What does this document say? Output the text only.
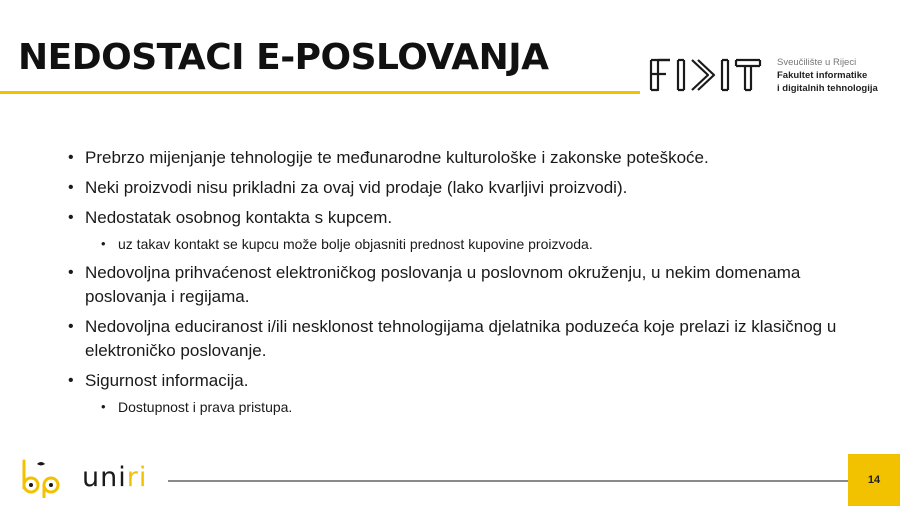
NEDOSTACI E-POSLOVANJA	Sveučilište u Rijeci
Fakultet informatike
i digitalnih tehnologija
• Prebrzo mijenjanje tehnologije te međunarodne kulturološke i zakonske poteškoće.
• Neki proizvodi nisu prikladni za ovaj vid prodaje (lako kvarljivi proizvodi).
• Nedostatak osobnog kontakta s kupcem.
• uz takav kontakt se kupcu može bolje objasniti prednost kupovine proizvoda.
• Nedovoljna prihvaćenost elektroničkog poslovanja u poslovnom okruženju, u nekim domenama poslovanja i regijama.
• Nedovoljna educiranost i/ili nesklonost tehnologijama djelatnika poduzeća koje prelazi iz klasičnog u elektroničko poslovanje.
• Sigurnost informacija.
• Dostupnost i prava pristupa.
uniri	14
